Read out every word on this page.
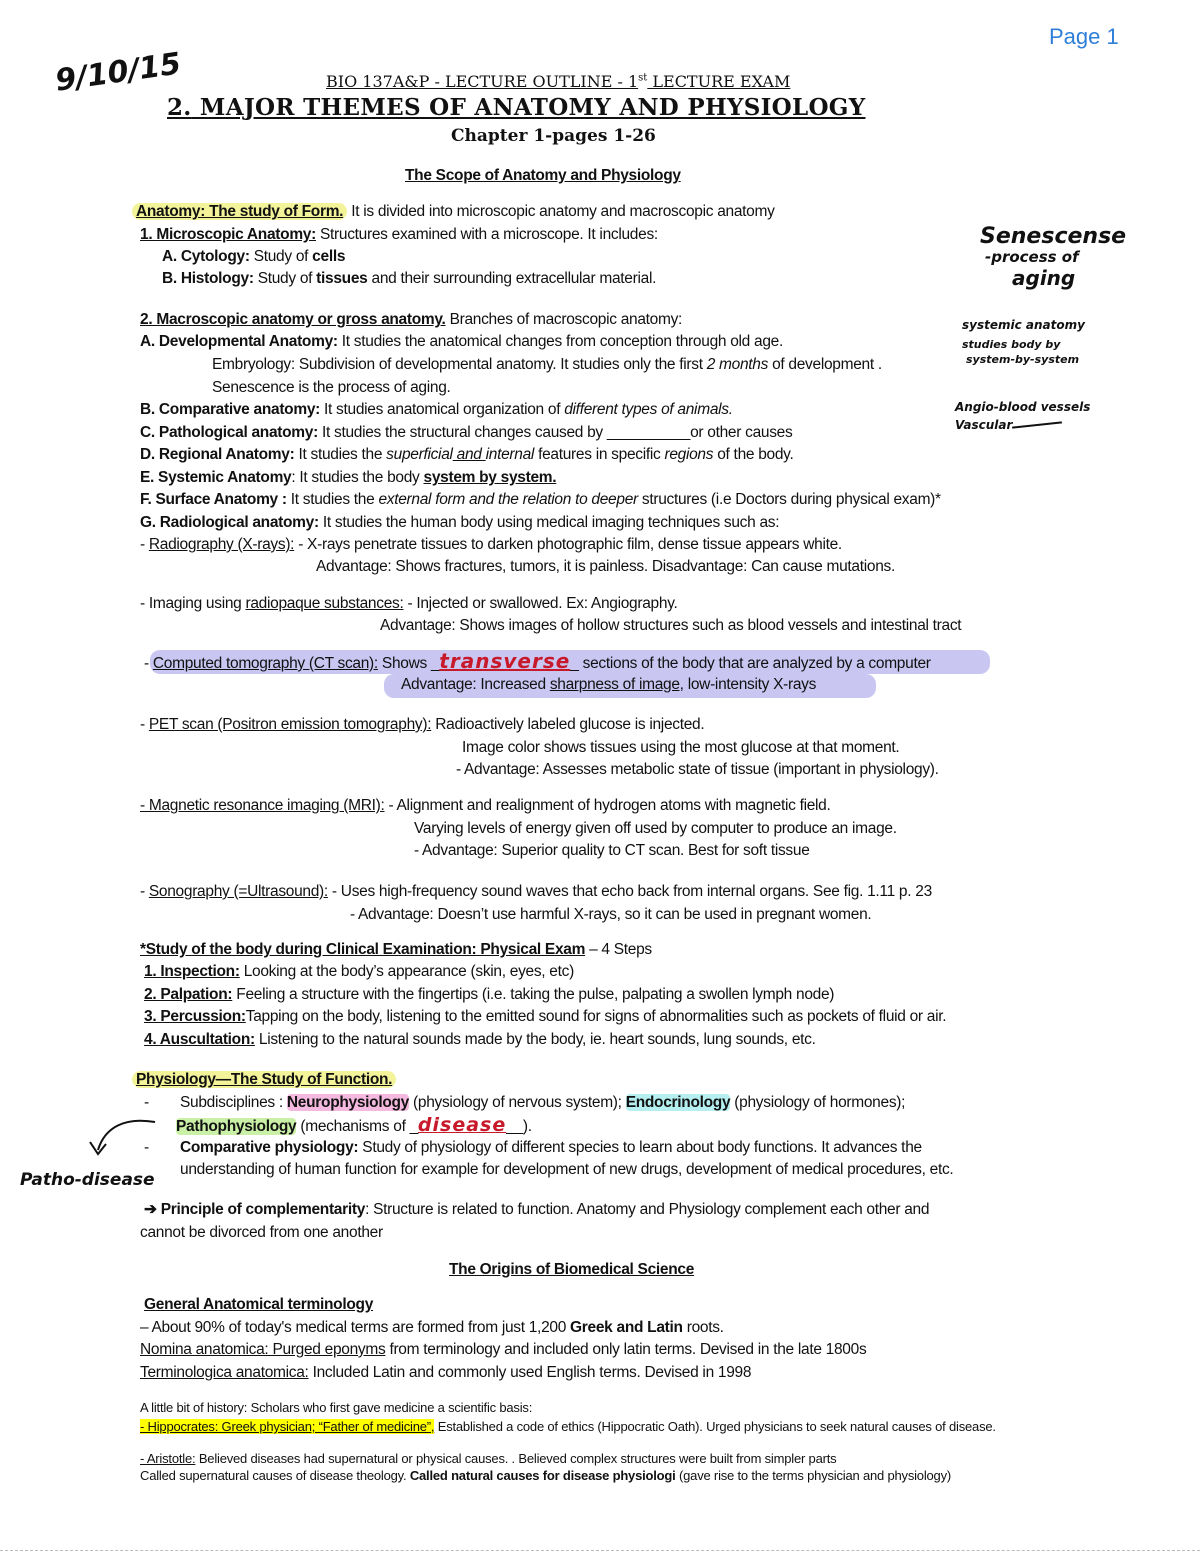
Page 1
9/10/15	BIO 137A&P - LECTURE OUTLINE - 1st LECTURE EXAM
2. MAJOR THEMES OF ANATOMY AND PHYSIOLOGY
Chapter 1-pages 1-26
The Scope of Anatomy and Physiology
Anatomy: The study of Form. It is divided into microscopic anatomy and macroscopic anatomy
1. Microscopic Anatomy: Structures examined with a microscope. It includes:
A. Cytology: Study of cells
B. Histology: Study of tissues and their surrounding extracellular material.
2. Macroscopic anatomy or gross anatomy. Branches of macroscopic anatomy:
A. Developmental Anatomy: It studies the anatomical changes from conception through old age.
Embryology: Subdivision of developmental anatomy. It studies only the first 2 months of development .
Senescence is the process of aging.
B. Comparative anatomy: It studies anatomical organization of different types of animals.
C. Pathological anatomy: It studies the structural changes caused by __________or other causes
D. Regional Anatomy: It studies the superficial and internal features in specific regions of the body.
E. Systemic Anatomy: It studies the body system by system.
F. Surface Anatomy : It studies the external form and the relation to deeper structures (i.e Doctors during physical exam)*
G. Radiological anatomy: It studies the human body using medical imaging techniques such as:
- Radiography (X-rays): - X-rays penetrate tissues to darken photographic film, dense tissue appears white.
Advantage: Shows fractures, tumors, it is painless. Disadvantage: Can cause mutations.
- Imaging using radiopaque substances: - Injected or swallowed. Ex: Angiography.
Advantage: Shows images of hollow structures such as blood vessels and intestinal tract
- Computed tomography (CT scan): Shows _transverse_ sections of the body that are analyzed by a computer
Advantage: Increased sharpness of image, low-intensity X-rays
- PET scan (Positron emission tomography): Radioactively labeled glucose is injected.
Image color shows tissues using the most glucose at that moment.
- Advantage: Assesses metabolic state of tissue (important in physiology).
- Magnetic resonance imaging (MRI): - Alignment and realignment of hydrogen atoms with magnetic field.
Varying levels of energy given off used by computer to produce an image.
- Advantage: Superior quality to CT scan. Best for soft tissue
- Sonography (=Ultrasound): - Uses high-frequency sound waves that echo back from internal organs. See fig. 1.11 p. 23
- Advantage: Doesn’t use harmful X-rays, so it can be used in pregnant women.
*Study of the body during Clinical Examination: Physical Exam – 4 Steps
1. Inspection: Looking at the body’s appearance (skin, eyes, etc)
2. Palpation: Feeling a structure with the fingertips (i.e. taking the pulse, palpating a swollen lymph node)
3. Percussion:Tapping on the body, listening to the emitted sound for signs of abnormalities such as pockets of fluid or air.
4. Auscultation: Listening to the natural sounds made by the body, ie. heart sounds, lung sounds, etc.
Physiology—The Study of Function.
- Subdisciplines : Neurophysiology (physiology of nervous system); Endocrinology (physiology of hormones);
Pathophysiology (mechanisms of _disease__).
- Comparative physiology: Study of physiology of different species to learn about body functions. It advances the
understanding of human function for example for development of new drugs, development of medical procedures, etc.
➔ Principle of complementarity: Structure is related to function. Anatomy and Physiology complement each other and
cannot be divorced from one another
The Origins of Biomedical Science
General Anatomical terminology
– About 90% of today's medical terms are formed from just 1,200 Greek and Latin roots.
Nomina anatomica: Purged eponyms from terminology and included only latin terms. Devised in the late 1800s
Terminologica anatomica: Included Latin and commonly used English terms. Devised in 1998
A little bit of history: Scholars who first gave medicine a scientific basis:
- Hippocrates: Greek physician; “Father of medicine”, Established a code of ethics (Hippocratic Oath). Urged physicians to seek natural causes of disease.
- Aristotle: Believed diseases had supernatural or physical causes. . Believed complex structures were built from simpler parts
Called supernatural causes of disease theology. Called natural causes for disease physiologi (gave rise to the terms physician and physiology)
Senescense
-process of
aging
systemic anatomy
studies body by
system-by-system
Angio-blood vessels
Vascular
Patho-disease
